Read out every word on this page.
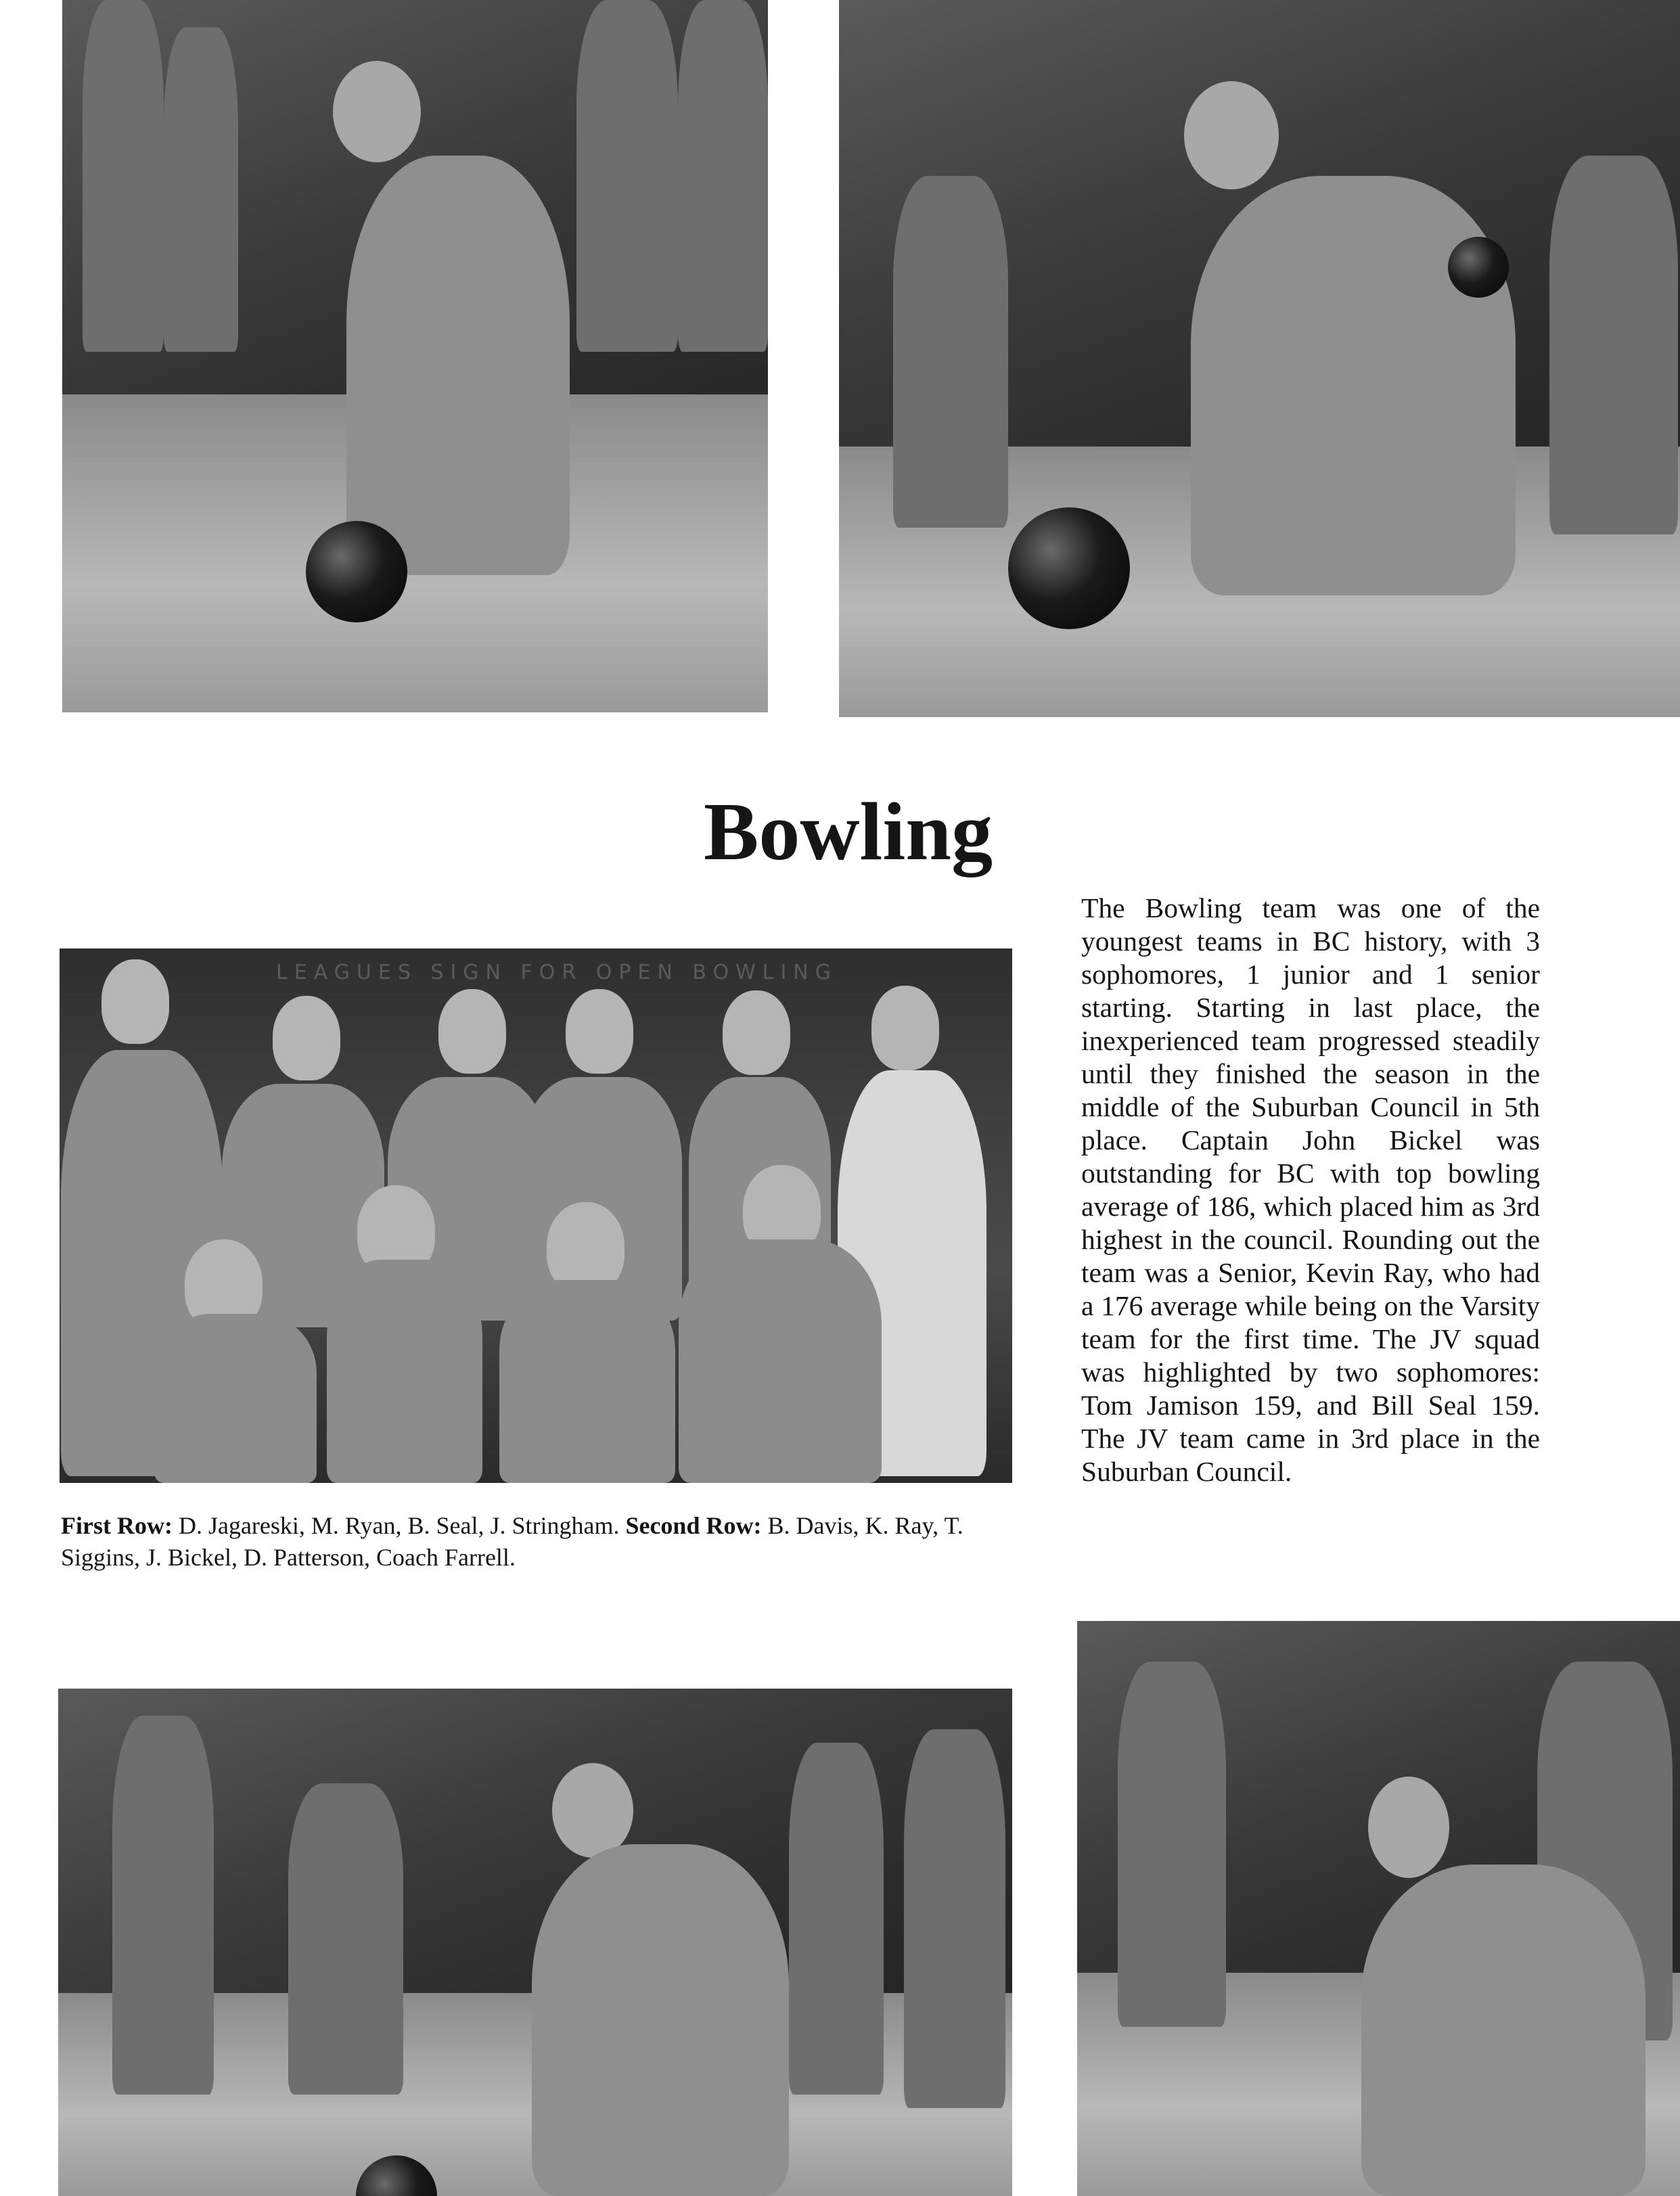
Bowling
LEAGUES SIGN FOR OPEN BOWLING

First Row: D. Jagareski, M. Ryan, B. Seal, J. Stringham. Second Row: B. Davis, K. Ray, T. Siggins, J. Bickel, D. Patterson, Coach Farrell.

The Bowling team was one of the youngest teams in BC history, with 3 sophomores, 1 junior and 1 senior starting. Starting in last place, the inexperienced team progressed steadily until they finished the season in the middle of the Suburban Council in 5th place. Captain John Bickel was outstanding for BC with top bowling average of 186, which placed him as 3rd highest in the council. Rounding out the team was a Senior, Kevin Ray, who had a 176 average while being on the Varsity team for the first time. The JV squad was highlighted by two sophomores: Tom Jamison 159, and Bill Seal 159. The JV team came in 3rd place in the Suburban Council.
